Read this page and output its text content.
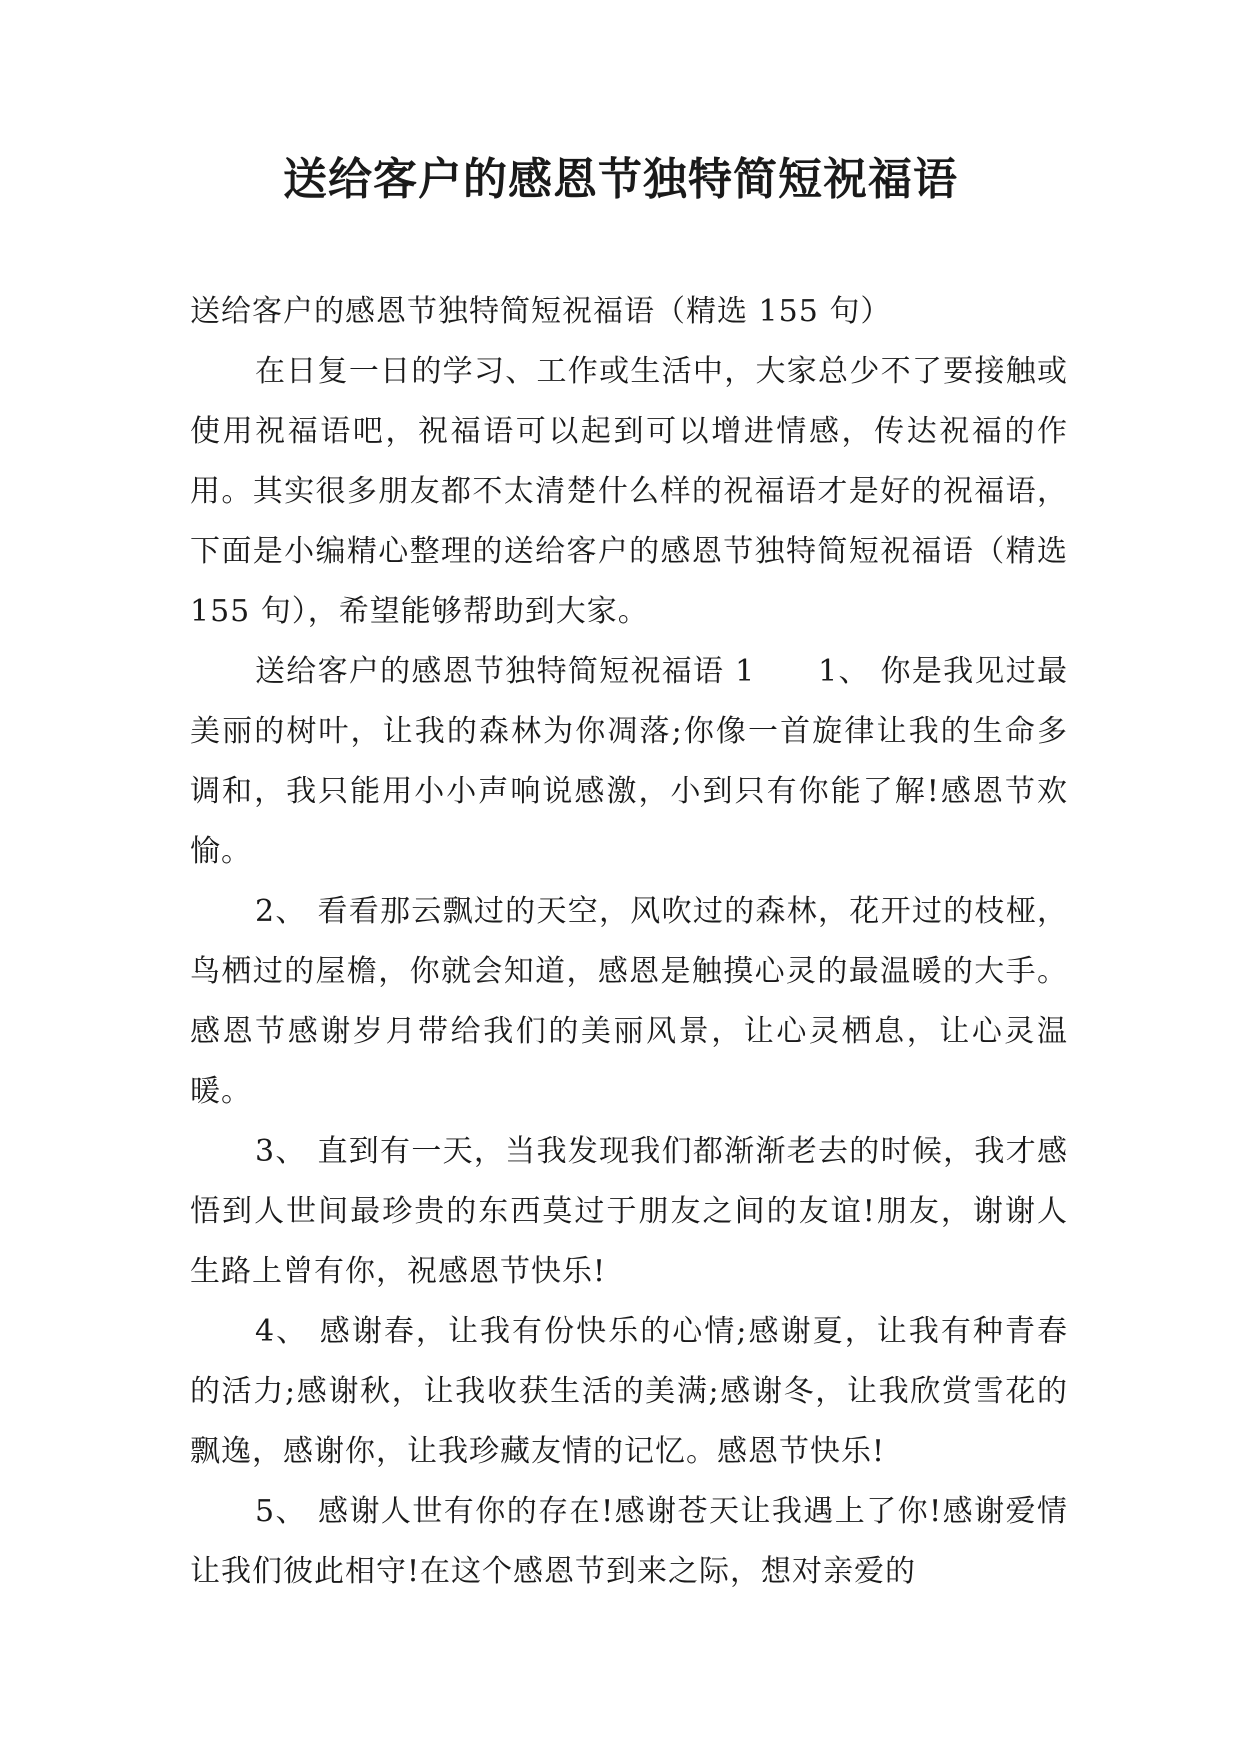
送给客户的感恩节独特简短祝福语

送给客户的感恩节独特简短祝福语（精选 155 句）

在日复一日的学习、工作或生活中，大家总少不了要接触或使用祝福语吧，祝福语可以起到可以增进情感，传达祝福的作用。其实很多朋友都不太清楚什么样的祝福语才是好的祝福语，下面是小编精心整理的送给客户的感恩节独特简短祝福语（精选 155 句），希望能够帮助到大家。

送给客户的感恩节独特简短祝福语 1　　1、 你是我见过最美丽的树叶，让我的森林为你凋落;你像一首旋律让我的生命多调和，我只能用小小声响说感激，小到只有你能了解!感恩节欢愉。

2、 看看那云飘过的天空，风吹过的森林，花开过的枝桠，鸟栖过的屋檐，你就会知道，感恩是触摸心灵的最温暖的大手。感恩节感谢岁月带给我们的美丽风景，让心灵栖息，让心灵温暖。

3、 直到有一天，当我发现我们都渐渐老去的时候，我才感悟到人世间最珍贵的东西莫过于朋友之间的友谊!朋友，谢谢人生路上曾有你，祝感恩节快乐!

4、 感谢春，让我有份快乐的心情;感谢夏，让我有种青春的活力;感谢秋，让我收获生活的美满;感谢冬，让我欣赏雪花的飘逸，感谢你，让我珍藏友情的记忆。感恩节快乐!

5、 感谢人世有你的存在!感谢苍天让我遇上了你!感谢爱情让我们彼此相守!在这个感恩节到来之际，想对亲爱的
